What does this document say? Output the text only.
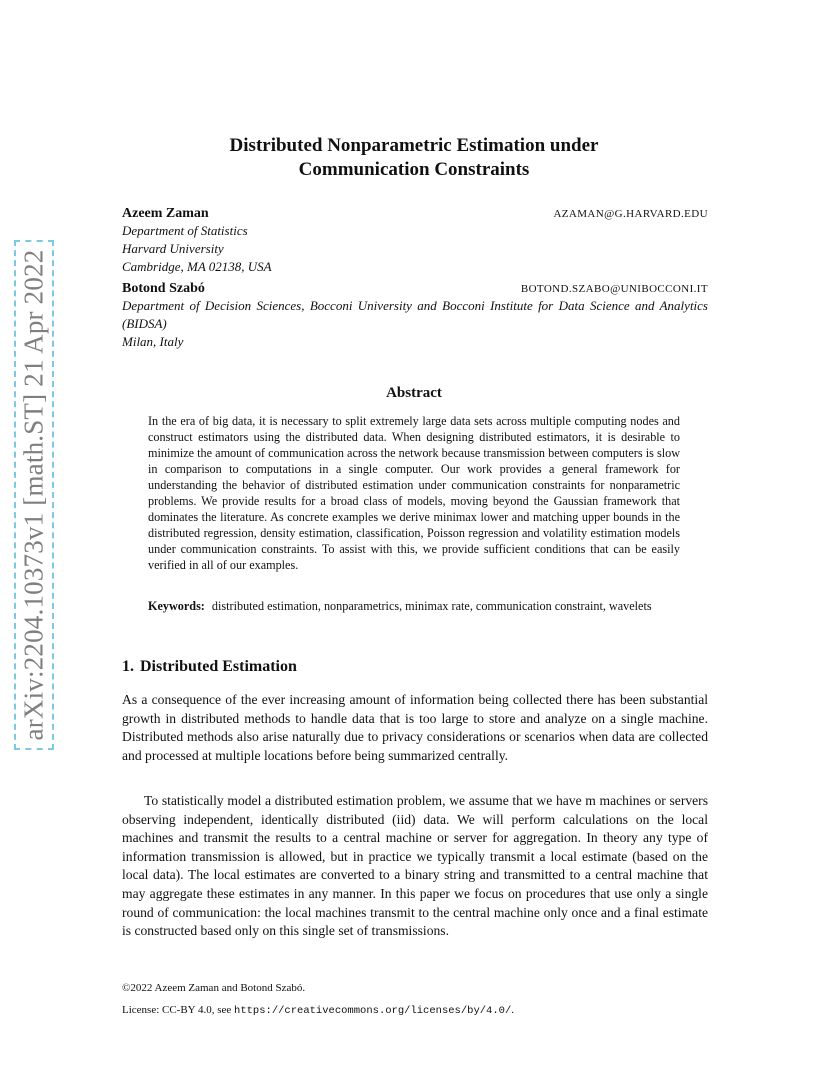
arXiv:2204.10373v1 [math.ST] 21 Apr 2022
Distributed Nonparametric Estimation under
Communication Constraints
Azeem Zaman	AZAMAN@G.HARVARD.EDU
Department of Statistics
Harvard University
Cambridge, MA 02138, USA
Botond Szabó	BOTOND.SZABO@UNIBOCCONI.IT
Department of Decision Sciences, Bocconi University and Bocconi Institute for Data Science and Analytics (BIDSA)
Milan, Italy
Abstract
In the era of big data, it is necessary to split extremely large data sets across multiple computing nodes and construct estimators using the distributed data. When designing distributed estimators, it is desirable to minimize the amount of communication across the network because transmission between computers is slow in comparison to computations in a single computer. Our work provides a general framework for understanding the behavior of distributed estimation under communication constraints for nonparametric problems. We provide results for a broad class of models, moving beyond the Gaussian framework that dominates the literature. As concrete examples we derive minimax lower and matching upper bounds in the distributed regression, density estimation, classification, Poisson regression and volatility estimation models under communication constraints. To assist with this, we provide sufficient conditions that can be easily verified in all of our examples.
Keywords: distributed estimation, nonparametrics, minimax rate, communication constraint, wavelets
1. Distributed Estimation
As a consequence of the ever increasing amount of information being collected there has been substantial growth in distributed methods to handle data that is too large to store and analyze on a single machine. Distributed methods also arise naturally due to privacy considerations or scenarios when data are collected and processed at multiple locations before being summarized centrally.
To statistically model a distributed estimation problem, we assume that we have m machines or servers observing independent, identically distributed (iid) data. We will perform calculations on the local machines and transmit the results to a central machine or server for aggregation. In theory any type of information transmission is allowed, but in practice we typically transmit a local estimate (based on the local data). The local estimates are converted to a binary string and transmitted to a central machine that may aggregate these estimates in any manner. In this paper we focus on procedures that use only a single round of communication: the local machines transmit to the central machine only once and a final estimate is constructed based only on this single set of transmissions.
©2022 Azeem Zaman and Botond Szabó.
License: CC-BY 4.0, see https://creativecommons.org/licenses/by/4.0/.
